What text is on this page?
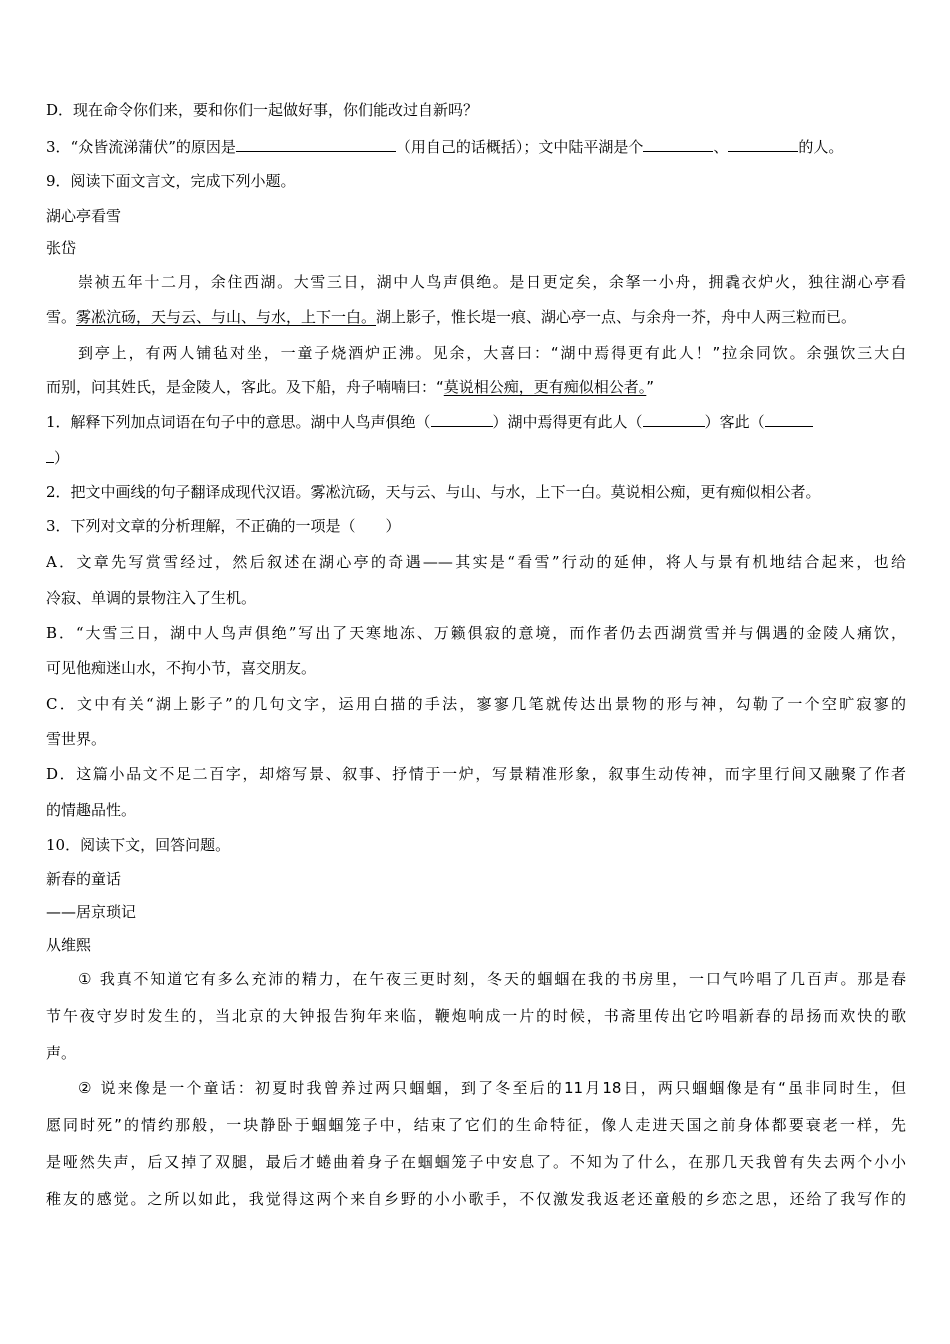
D．现在命令你们来，要和你们一起做好事，你们能改过自新吗？
3．“众皆流涕蒲伏”的原因是	（用自己的话概括）；文中陆平湖是个	、	的人。
9．阅读下面文言文，完成下列小题。
湖心亭看雪
张岱
崇祯五年十二月，余住西湖。大雪三日，湖中人鸟声俱绝。是日更定矣，余拏一小舟，拥毳衣炉火，独往湖心亭看
雪。雾凇沆砀，天与云、与山、与水，上下一白。湖上影子，惟长堤一痕、湖心亭一点、与余舟一芥，舟中人两三粒而已。
到亭上，有两人铺毡对坐，一童子烧酒炉正沸。见余，大喜曰：“湖中焉得更有此人！”拉余同饮。余强饮三大白
而别，问其姓氏，是金陵人，客此。及下船，舟子喃喃曰：“莫说相公痴，更有痴似相公者。”
1．解释下列加点词语在句子中的意思。湖中人鸟声俱绝（	）湖中焉得更有此人（	）客此（
）
2．把文中画线的句子翻译成现代汉语。雾凇沆砀，天与云、与山、与水，上下一白。莫说相公痴，更有痴似相公者。
3．下列对文章的分析理解，不正确的一项是（　　）
A．文章先写赏雪经过，然后叙述在湖心亭的奇遇——其实是“看雪”行动的延伸，将人与景有机地结合起来，也给
冷寂、单调的景物注入了生机。
B．“大雪三日，湖中人鸟声俱绝”写出了天寒地冻、万籁俱寂的意境，而作者仍去西湖赏雪并与偶遇的金陵人痛饮，
可见他痴迷山水，不拘小节，喜交朋友。
C．文中有关“湖上影子”的几句文字，运用白描的手法，寥寥几笔就传达出景物的形与神，勾勒了一个空旷寂寥的
雪世界。
D．这篇小品文不足二百字，却熔写景、叙事、抒情于一炉，写景精准形象，叙事生动传神，而字里行间又融聚了作者
的情趣品性。
10．阅读下文，回答问题。
新春的童话
——居京琐记
从维熙
① 我真不知道它有多么充沛的精力，在午夜三更时刻，冬天的蝈蝈在我的书房里，一口气吟唱了几百声。那是春
节午夜守岁时发生的，当北京的大钟报告狗年来临，鞭炮响成一片的时候，书斋里传出它吟唱新春的昂扬而欢快的歌
声。
② 说来像是一个童话：初夏时我曾养过两只蝈蝈，到了冬至后的11月18日，两只蝈蝈像是有“虽非同时生，但
愿同时死”的情约那般，一块静卧于蝈蝈笼子中，结束了它们的生命特征，像人走进天国之前身体都要衰老一样，先
是哑然失声，后又掉了双腿，最后才蜷曲着身子在蝈蝈笼子中安息了。不知为了什么，在那几天我曾有失去两个小小
稚友的感觉。之所以如此，我觉得这两个来自乡野的小小歌手，不仅激发我返老还童般的乡恋之思，还给了我写作的
